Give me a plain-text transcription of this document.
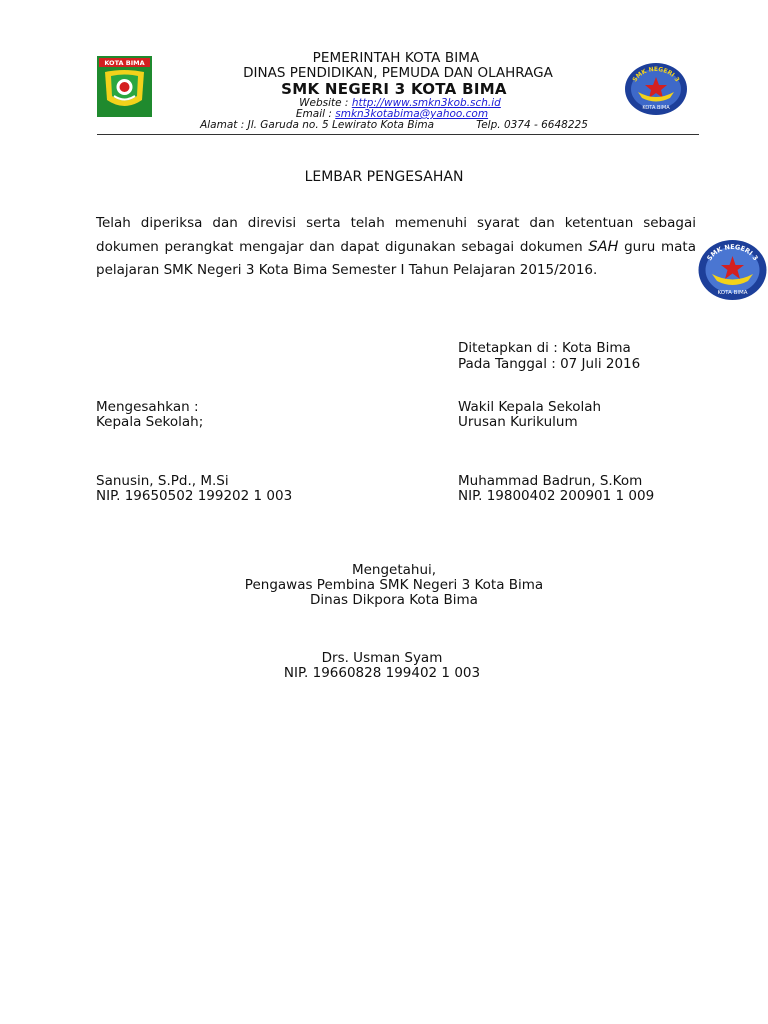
KOTA BIMA
SMK NEGERI 3
KOTA BIMA
PEMERINTAH KOTA BIMA
DINAS PENDIDIKAN, PEMUDA DAN OLAHRAGA
SMK NEGERI 3 KOTA BIMA
Website : http://www.smkn3kob.sch.id
Email : smkn3kotabima@yahoo.com
Alamat : Jl. Garuda no. 5 Lewirato Kota Bima	Telp. 0374 - 6648225
LEMBAR PENGESAHAN
Telah diperiksa dan direvisi serta telah memenuhi syarat dan ketentuan sebagai dokumen perangkat mengajar dan dapat digunakan sebagai dokumen SAH guru mata pelajaran SMK Negeri 3 Kota Bima Semester I Tahun Pelajaran 2015/2016.
SMK NEGERI 3
KOTA BIMA
Ditetapkan di : Kota Bima
Pada Tanggal : 07 Juli 2016
Mengesahkan :
Kepala Sekolah;
Wakil Kepala Sekolah
Urusan Kurikulum
Sanusin, S.Pd., M.Si
NIP. 19650502 199202 1 003
Muhammad Badrun, S.Kom
NIP. 19800402 200901 1 009
Mengetahui,
Pengawas Pembina SMK Negeri 3 Kota Bima
Dinas Dikpora Kota Bima
Drs. Usman Syam
NIP. 19660828 199402 1 003
